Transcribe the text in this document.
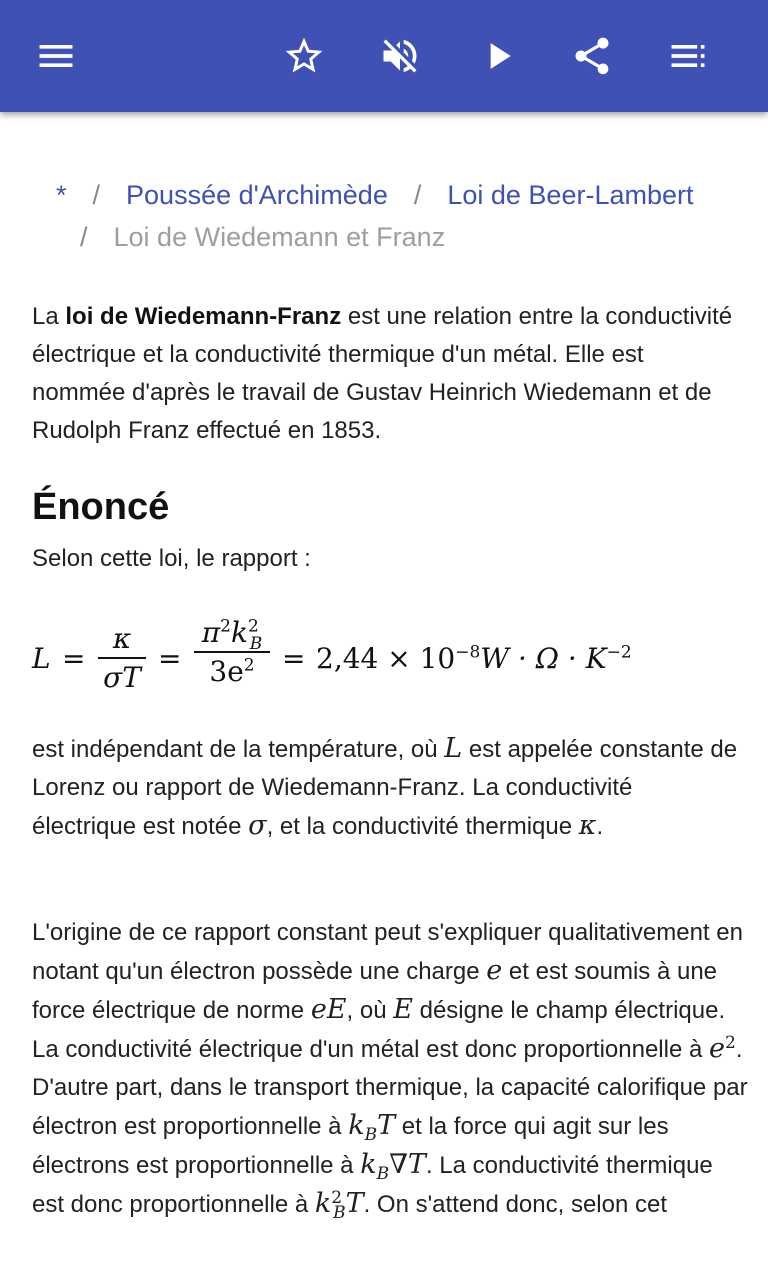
* / Poussée d'Archimède / Loi de Beer-Lambert
/ Loi de Wiedemann et Franz
La loi de Wiedemann-Franz est une relation entre la conductivité électrique et la conductivité thermique d'un métal. Elle est nommée d'après le travail de Gustav Heinrich Wiedemann et de Rudolph Franz effectué en 1853.
Énoncé
Selon cette loi, le rapport :
$L = \frac{\kappa}{\sigma T} = \frac{\pi^2k^2_B}{3e^2} = 2,44 \times 10^{-8}W \cdot \Omega \cdot K^{-2}$
est indépendant de la température, où L est appelée constante de Lorenz ou rapport de Wiedemann-Franz. La conductivité électrique est notée σ, et la conductivité thermique κ.
L'origine de ce rapport constant peut s'expliquer qualitativement en notant qu'un électron possède une charge e et est soumis à une force électrique de norme eE, où E désigne le champ électrique. La conductivité électrique d'un métal est donc proportionnelle à $e^2$. D'autre part, dans le transport thermique, la capacité calorifique par électron est proportionnelle à $k_BT$ et la force qui agit sur les électrons est proportionnelle à $k_B\nabla T$. La conductivité thermique est donc proportionnelle à $k^2_BT$. On s'attend donc, selon cet
